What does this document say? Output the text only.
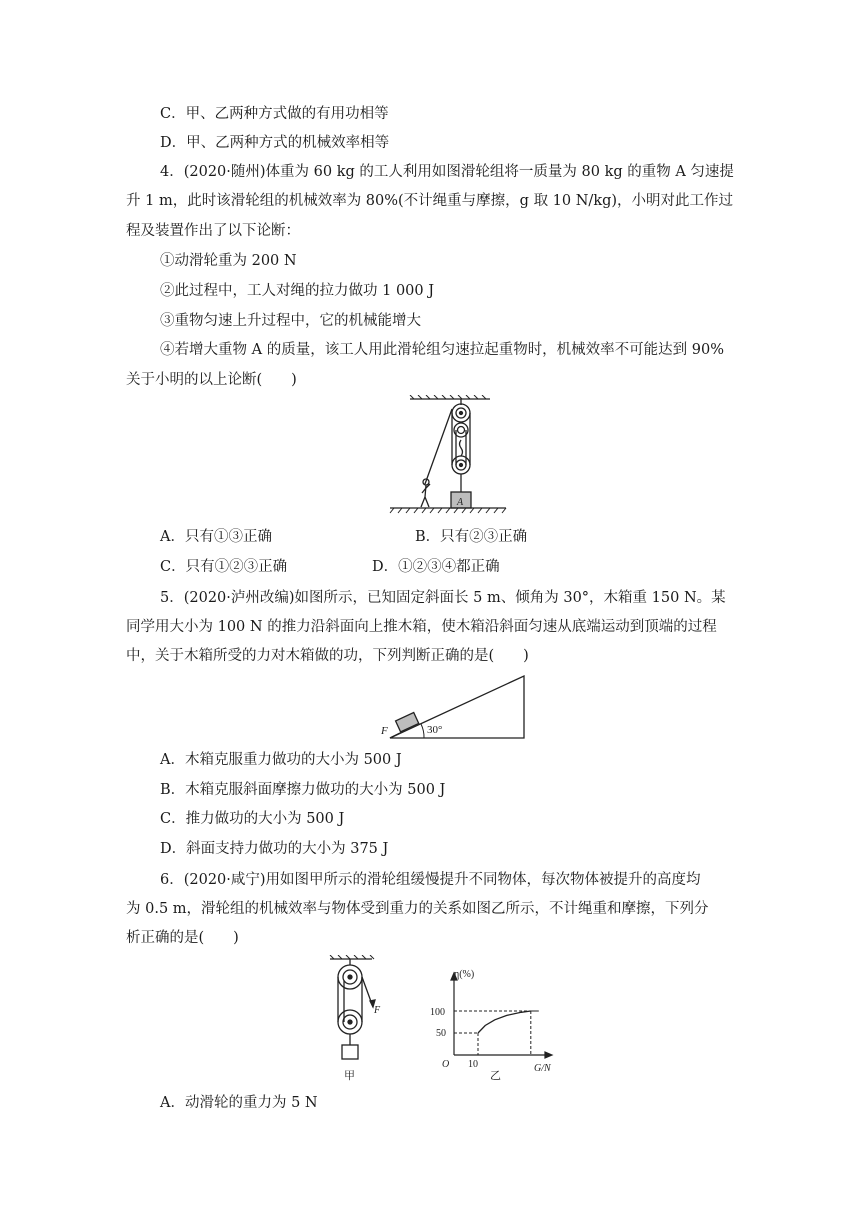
C．甲、乙两种方式做的有用功相等
D．甲、乙两种方式的机械效率相等
4．(2020·随州)体重为 60 kg 的工人利用如图滑轮组将一质量为 80 kg 的重物 A 匀速提
升 1 m，此时该滑轮组的机械效率为 80%(不计绳重与摩擦，g 取 10 N/kg)，小明对此工作过
程及装置作出了以下论断：
①动滑轮重为 200 N
②此过程中，工人对绳的拉力做功 1 000 J
③重物匀速上升过程中，它的机械能增大
④若增大重物 A 的质量，该工人用此滑轮组匀速拉起重物时，机械效率不可能达到 90%
关于小明的以上论断(　　)
A
A．只有①③正确	B．只有②③正确
C．只有①②③正确	D．①②③④都正确
5．(2020·泸州改编)如图所示，已知固定斜面长 5 m、倾角为 30°，木箱重 150 N。某
同学用大小为 100 N 的推力沿斜面向上推木箱，使木箱沿斜面匀速从底端运动到顶端的过程
中，关于木箱所受的力对木箱做的功，下列判断正确的是(　　)
F	30°
A．木箱克服重力做功的大小为 500 J
B．木箱克服斜面摩擦力做功的大小为 500 J
C．推力做功的大小为 500 J
D．斜面支持力做功的大小为 375 J
6．(2020·咸宁)用如图甲所示的滑轮组缓慢提升不同物体，每次物体被提升的高度均
为 0.5 m，滑轮组的机械效率与物体受到重力的关系如图乙所示，不计绳重和摩擦，下列分
析正确的是(　　)
F
甲
η(%)
G/N
O
100
50
10
乙
A．动滑轮的重力为 5 N
